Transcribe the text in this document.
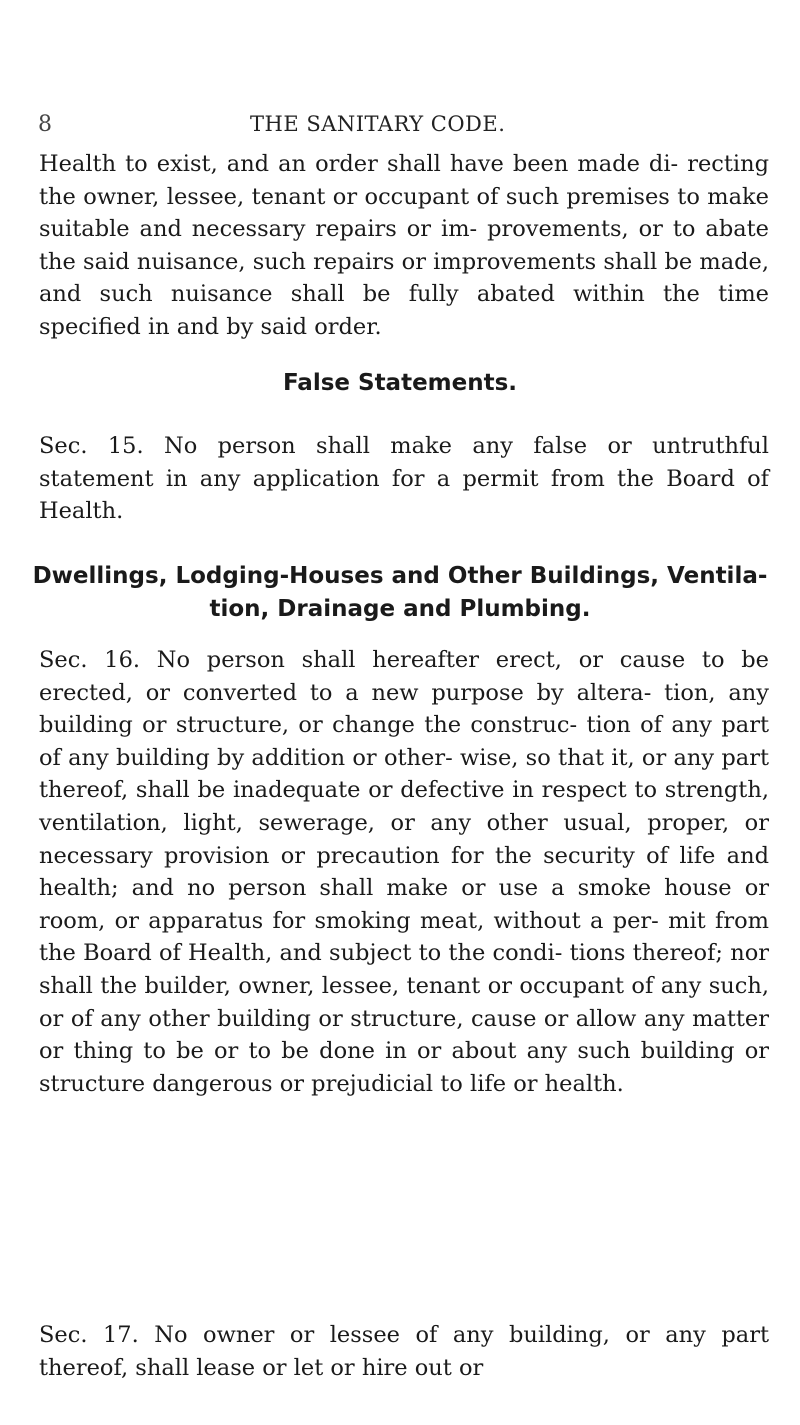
8	THE SANITARY CODE.

Health to exist, and an order shall have been made di- recting the owner, lessee, tenant or occupant of such premises to make suitable and necessary repairs or im- provements, or to abate the said nuisance, such repairs or improvements shall be made, and such nuisance shall be fully abated within the time specified in and by said order.

False Statements.

Sec. 15. No person shall make any false or untruthful statement in any application for a permit from the Board of Health.

Dwellings, Lodging-Houses and Other Buildings, Ventila-
tion, Drainage and Plumbing.

Sec. 16. No person shall hereafter erect, or cause to be erected, or converted to a new purpose by altera- tion, any building or structure, or change the construc- tion of any part of any building by addition or other- wise, so that it, or any part thereof, shall be inadequate or defective in respect to strength, ventilation, light, sewerage, or any other usual, proper, or necessary provision or precaution for the security of life and health; and no person shall make or use a smoke house or room, or apparatus for smoking meat, without a per- mit from the Board of Health, and subject to the condi- tions thereof; nor shall the builder, owner, lessee, tenant or occupant of any such, or of any other building or structure, cause or allow any matter or thing to be or to be done in or about any such building or structure dangerous or prejudicial to life or health.

Sec. 17. No owner or lessee of any building, or any part thereof, shall lease or let or hire out or
